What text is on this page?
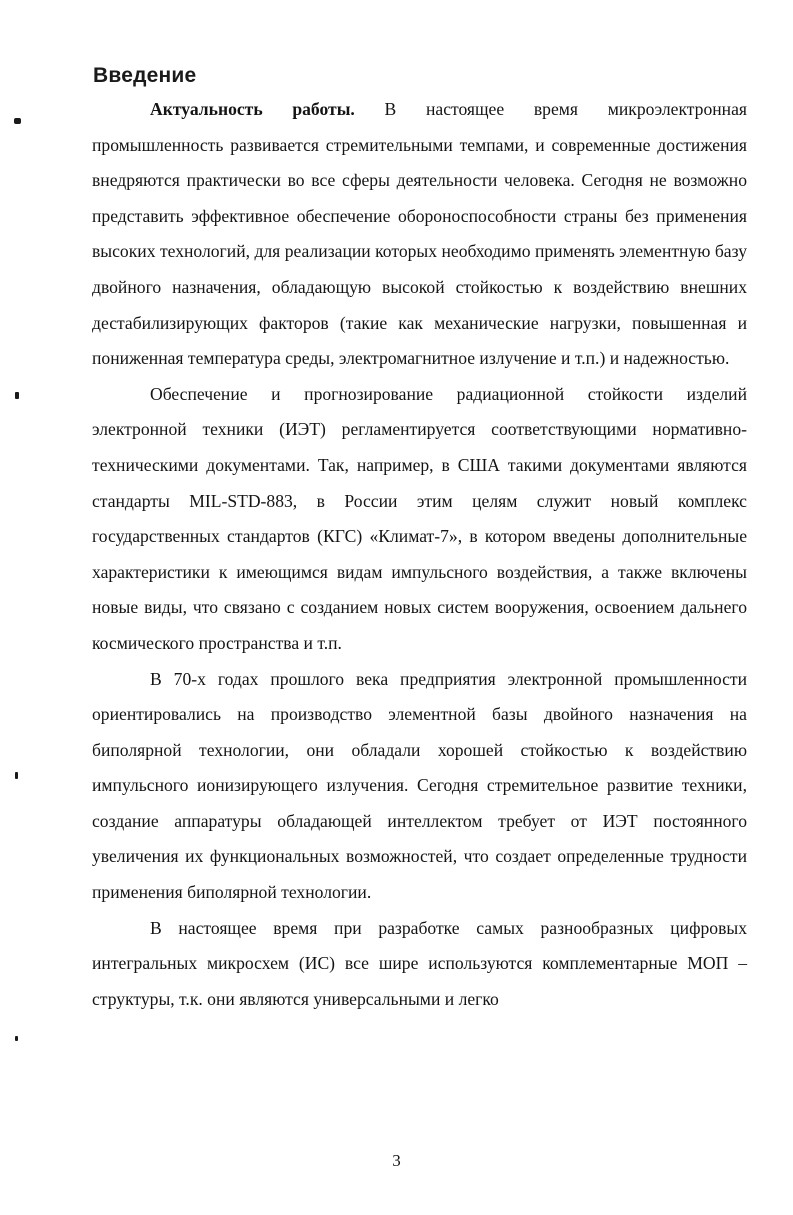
Введение

Актуальность работы. В настоящее время микроэлектронная промышленность развивается стремительными темпами, и современные достижения внедряются практически во все сферы деятельности человека. Сегодня не возможно представить эффективное обеспечение обороноспособности страны без применения высоких технологий, для реализации которых необходимо применять элементную базу двойного назначения, обладающую высокой стойкостью к воздействию внешних дестабилизирующих факторов (такие как механические нагрузки, повышенная и пониженная температура среды, электромагнитное излучение и т.п.) и надежностью.

Обеспечение и прогнозирование радиационной стойкости изделий электронной техники (ИЭТ) регламентируется соответствующими нормативно-техническими документами. Так, например, в США такими документами являются стандарты MIL-STD-883, в России этим целям служит новый комплекс государственных стандартов (КГС) «Климат-7», в котором введены дополнительные характеристики к имеющимся видам импульсного воздействия, а также включены новые виды, что связано с созданием новых систем вооружения, освоением дальнего космического пространства и т.п.

В 70-х годах прошлого века предприятия электронной промышленности ориентировались на производство элементной базы двойного назначения на биполярной технологии, они обладали хорошей стойкостью к воздействию импульсного ионизирующего излучения. Сегодня стремительное развитие техники, создание аппаратуры обладающей интеллектом требует от ИЭТ постоянного увеличения их функциональных возможностей, что создает определенные трудности применения биполярной технологии.

В настоящее время при разработке самых разнообразных цифровых интегральных микросхем (ИС) все шире используются комплементарные МОП – структуры, т.к. они являются универсальными и легко

3
